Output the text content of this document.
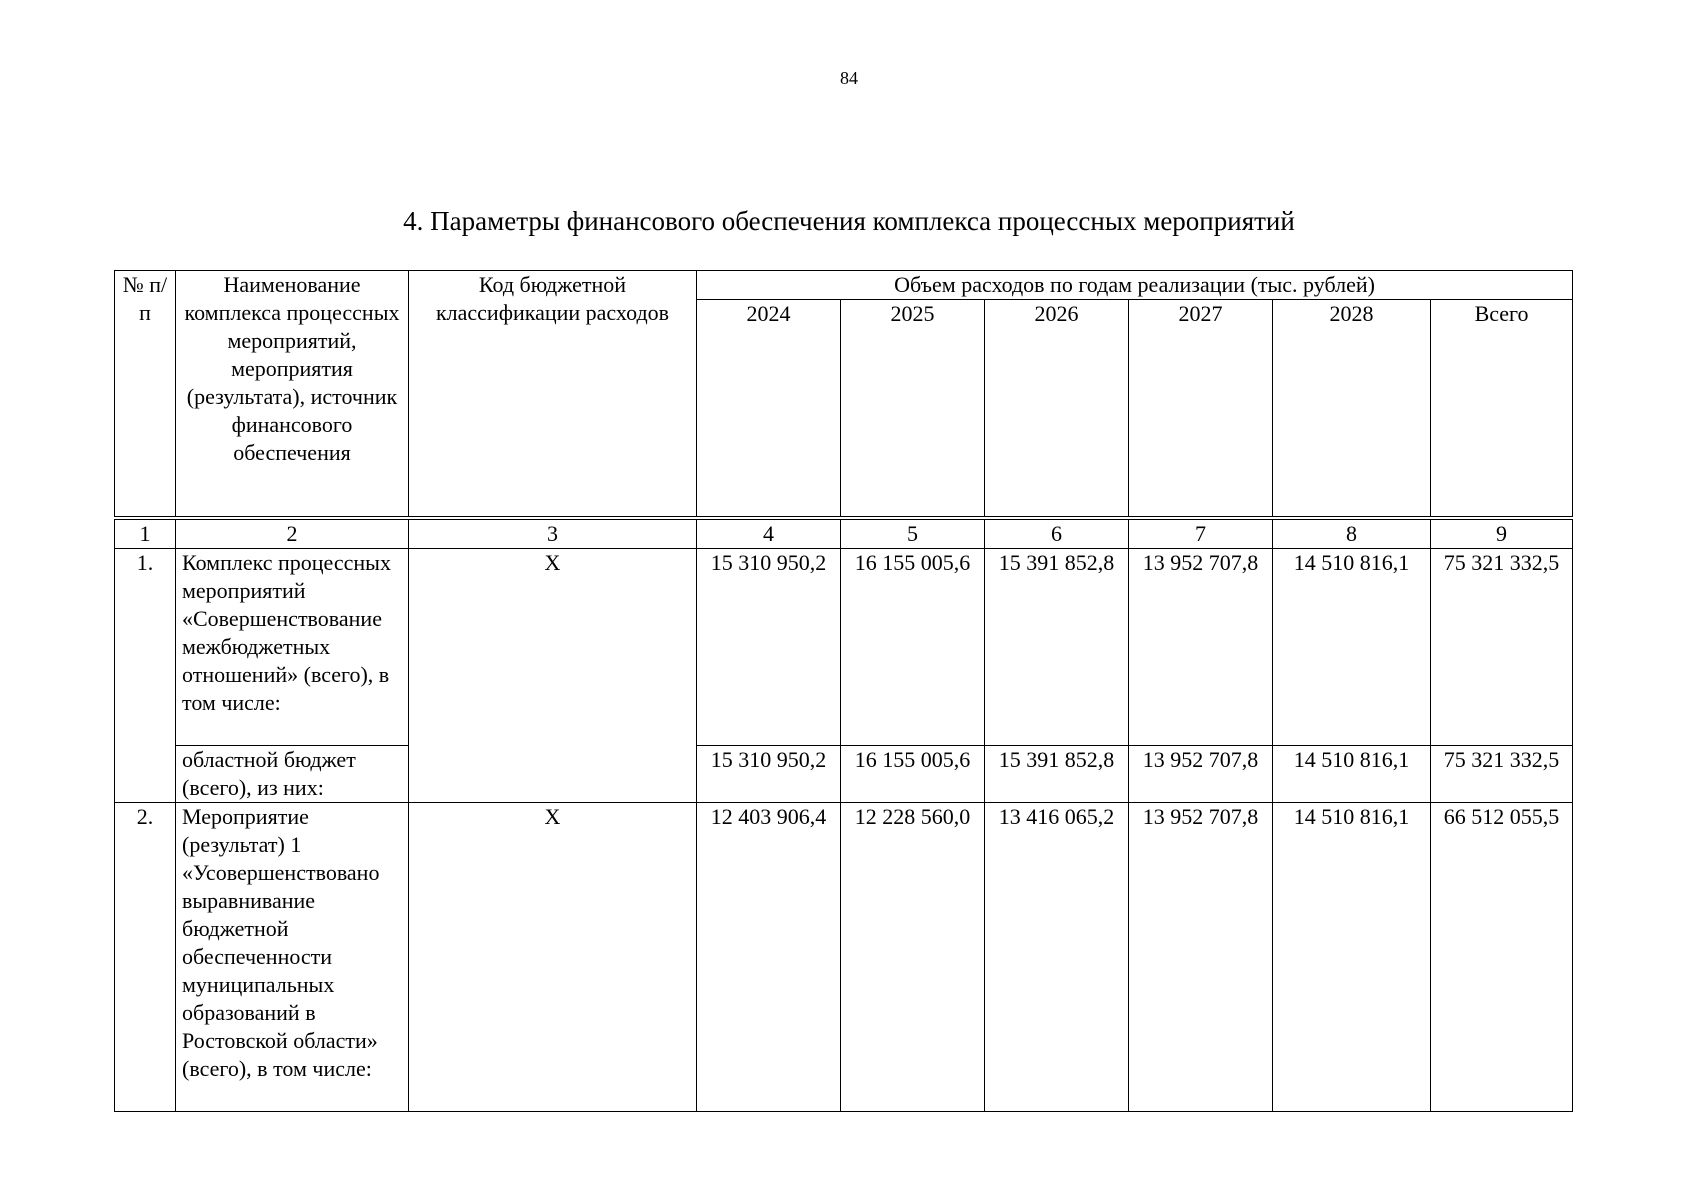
84
4. Параметры финансового обеспечения комплекса процессных мероприятий
№ п/п	Наименование комплекса процессных мероприятий, мероприятия (результата), источник финансового обеспечения	Код бюджетной классификации расходов	Объем расходов по годам реализации (тыс. рублей)					
			2024	2025	2026	2027	2028	Всего
1	2	3	4	5	6	7	8	9
1.	Комплекс процессных мероприятий «Совершенствование межбюджетных отношений» (всего), в том числе:	Х	15 310 950,2	16 155 005,6	15 391 852,8	13 952 707,8	14 510 816,1	75 321 332,5
	областной бюджет (всего), из них:		15 310 950,2	16 155 005,6	15 391 852,8	13 952 707,8	14 510 816,1	75 321 332,5
2.	Мероприятие (результат) 1 «Усовершенствовано выравнивание бюджетной обеспеченности муниципальных образований в Ростовской области» (всего), в том числе:	Х	12 403 906,4	12 228 560,0	13 416 065,2	13 952 707,8	14 510 816,1	66 512 055,5
